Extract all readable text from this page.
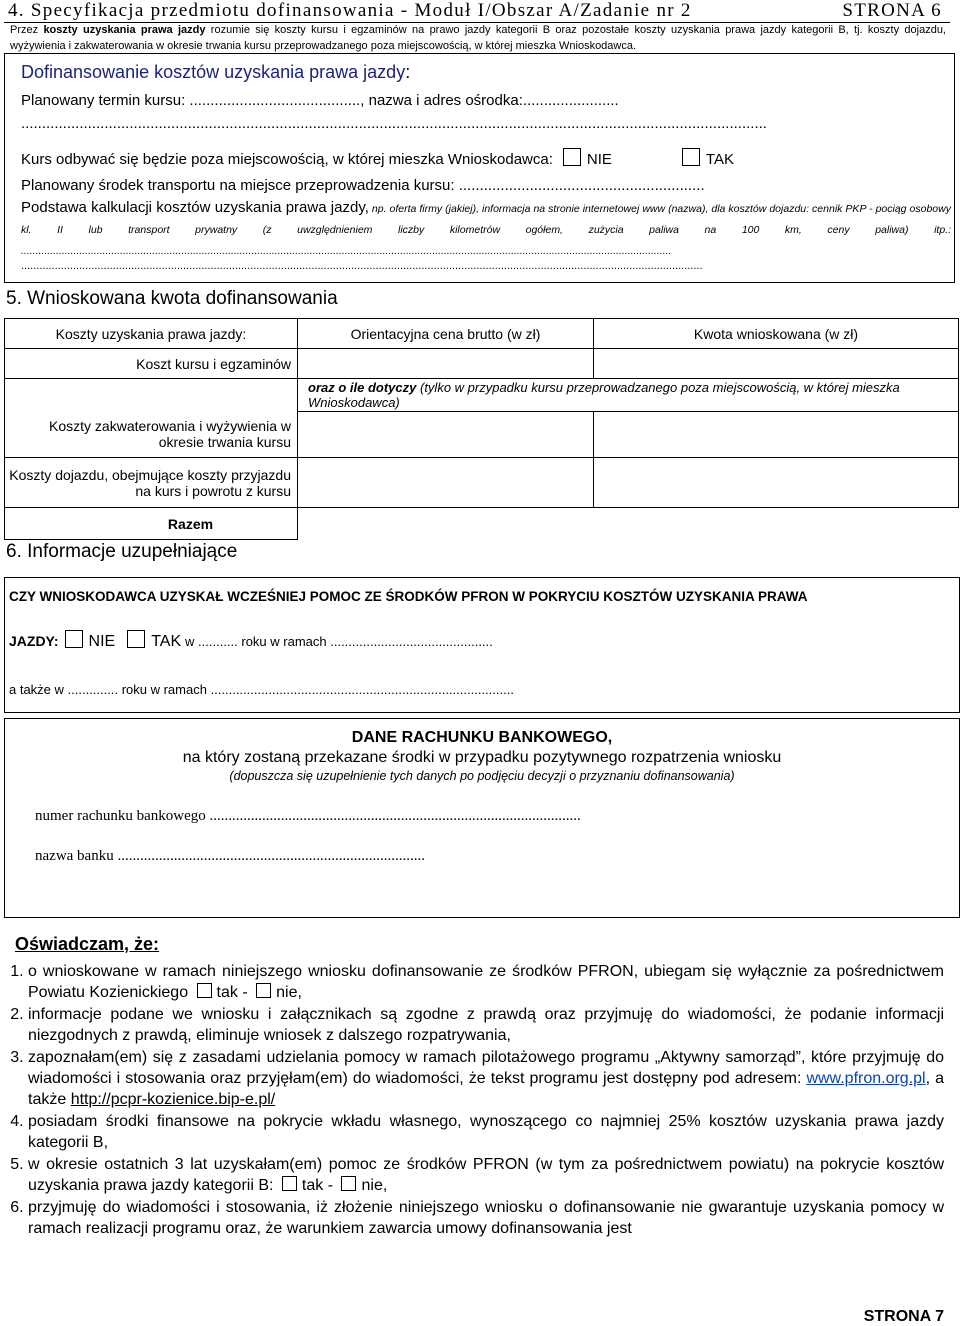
4. Specyfikacja przedmiotu dofinansowania - Moduł I/Obszar A/Zadanie nr 2	STRONA 6
Przez koszty uzyskania prawa jazdy rozumie się koszty kursu i egzaminów na prawo jazdy kategorii B oraz pozostałe koszty uzyskania prawa jazdy kategorii B, tj. koszty dojazdu, wyżywienia i zakwaterowania w okresie trwania kursu przeprowadzanego poza miejscowością, w której mieszka Wnioskodawca.
Dofinansowanie kosztów uzyskania prawa jazdy:
Planowany termin kursu: ........................................., nazwa i adres ośrodka:.......................
...................................................................................................................................................................................
Kurs odbywać się będzie poza miejscowością, w której mieszka Wnioskodawca: NIE	TAK
Planowany środek transportu na miejsce przeprowadzenia kursu: ...........................................................
Podstawa kalkulacji kosztów uzyskania prawa jazdy, np. oferta firmy (jakiej), informacja na stronie internetowej www (nazwa), dla kosztów dojazdu: cennik PKP - pociąg osobowy kl. II lub transport prywatny (z uwzględnieniem liczby kilometrów ogółem, zużycia paliwa na 100 km, ceny paliwa) itp.: ...............................................................................................................................................................................................................................
...............................................................................................................................................................................................................................
5. Wnioskowana kwota dofinansowania
Koszty uzyskania prawa jazdy:	Orientacyjna cena brutto (w zł)	Kwota wnioskowana (w zł)
Koszt kursu i egzaminów		
	oraz o ile dotyczy (tylko w przypadku kursu przeprowadzanego poza miejscowością, w której mieszka Wnioskodawca)	
Koszty zakwaterowania i wyżywienia w okresie trwania kursu		
Koszty dojazdu, obejmujące koszty przyjazdu na kurs i powrotu z kursu		
Razem		
6. Informacje uzupełniające
CZY WNIOSKODAWCA UZYSKAŁ WCZEŚNIEJ POMOC ZE ŚRODKÓW PFRON W POKRYCIU KOSZTÓW UZYSKANIA PRAWA
JAZDY: NIE TAK w ........... roku w ramach .............................................
a także w .............. roku w ramach ....................................................................................
DANE RACHUNKU BANKOWEGO,
na który zostaną przekazane środki w przypadku pozytywnego rozpatrzenia wniosku
(dopuszcza się uzupełnienie tych danych po podjęciu decyzji o przyznaniu dofinansowania)
numer rachunku bankowego ...................................................................................................
nazwa banku ..................................................................................
Oświadczam, że:
1. o wnioskowane w ramach niniejszego wniosku dofinansowanie ze środków PFRON, ubiegam się wyłącznie za pośrednictwem Powiatu Kozienickiego tak - nie,
2. informacje podane we wniosku i załącznikach są zgodne z prawdą oraz przyjmuję do wiadomości, że podanie informacji niezgodnych z prawdą, eliminuje wniosek z dalszego rozpatrywania,
3. zapoznałam(em) się z zasadami udzielania pomocy w ramach pilotażowego programu „Aktywny samorząd”, które przyjmuję do wiadomości i stosowania oraz przyjęłam(em) do wiadomości, że tekst programu jest dostępny pod adresem: www.pfron.org.pl, a także http://pcpr-kozienice.bip-e.pl/
4. posiadam środki finansowe na pokrycie wkładu własnego, wynoszącego co najmniej 25% kosztów uzyskania prawa jazdy kategorii B,
5. w okresie ostatnich 3 lat uzyskałam(em) pomoc ze środków PFRON (w tym za pośrednictwem powiatu) na pokrycie kosztów uzyskania prawa jazdy kategorii B: tak - nie,
6. przyjmuję do wiadomości i stosowania, iż złożenie niniejszego wniosku o dofinansowanie nie gwarantuje uzyskania pomocy w ramach realizacji programu oraz, że warunkiem zawarcia umowy dofinansowania jest
STRONA 7
